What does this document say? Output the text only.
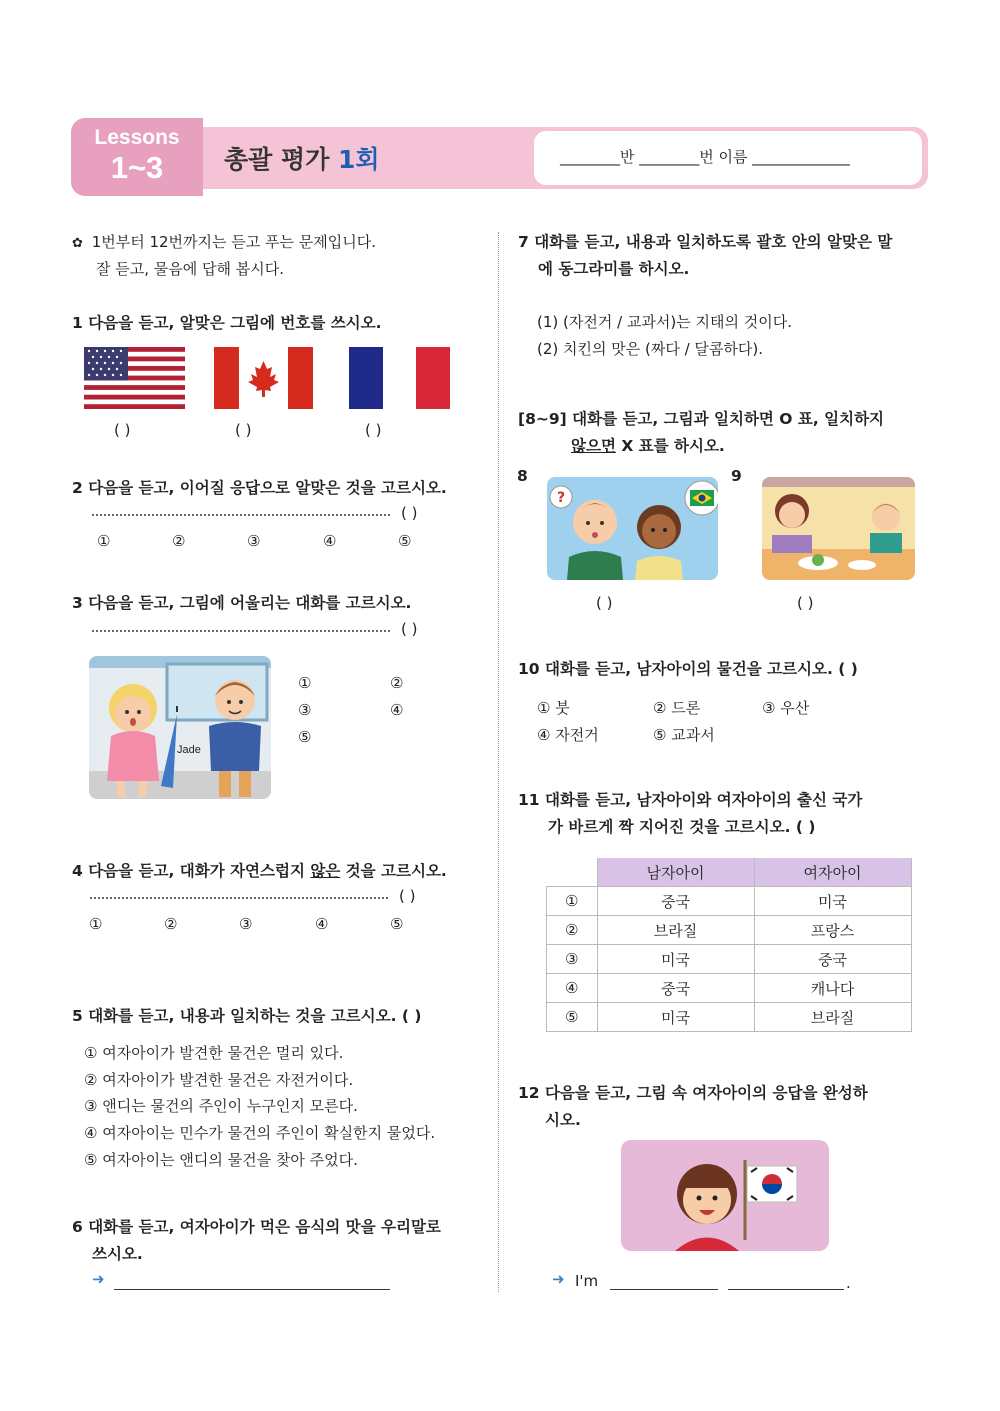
Lessons
1~3	총괄 평가 1회	________반 ________번 이름 _____________
✿ 1번부터 12번까지는 듣고 푸는 문제입니다.
잘 듣고, 물음에 답해 봅시다.
1 다음을 듣고, 알맞은 그림에 번호를 쓰시오.
( )	( )	( )
2 다음을 듣고, 이어질 응답으로 알맞은 것을 고르시오.
( )
①	②	③	④	⑤
3 다음을 듣고, 그림에 어울리는 대화를 고르시오.
( )
Jade
①	②
③	④
⑤
4 다음을 듣고, 대화가 자연스럽지 않은 것을 고르시오.
( )
①	②	③	④	⑤
5 대화를 듣고, 내용과 일치하는 것을 고르시오. ( )
① 여자아이가 발견한 물건은 멀리 있다.
② 여자아이가 발견한 물건은 자전거이다.
③ 앤디는 물건의 주인이 누구인지 모른다.
④ 여자아이는 민수가 물건의 주인이 확실한지 물었다.
⑤ 여자아이는 앤디의 물건을 찾아 주었다.
6 대화를 듣고, 여자아이가 먹은 음식의 맛을 우리말로
쓰시오.
➜
7 대화를 듣고, 내용과 일치하도록 괄호 안의 알맞은 말
에 동그라미를 하시오.
(1) (자전거 / 교과서)는 지태의 것이다.
(2) 치킨의 맛은 (짜다 / 달콤하다).
[8~9] 대화를 듣고, 그림과 일치하면 O 표, 일치하지
않으면 X 표를 하시오.
8	9
?
( )	( )
10 대화를 듣고, 남자아이의 물건을 고르시오. ( )
① 붓	② 드론	③ 우산
④ 자전거	⑤ 교과서
11 대화를 듣고, 남자아이와 여자아이의 출신 국가
가 바르게 짝 지어진 것을 고르시오. ( )
	남자아이	여자아이
①	중국	미국
②	브라질	프랑스
③	미국	중국
④	중국	캐나다
⑤	미국	브라질
12 다음을 듣고, 그림 속 여자아이의 응답을 완성하
시오.
➜ I'm	.
